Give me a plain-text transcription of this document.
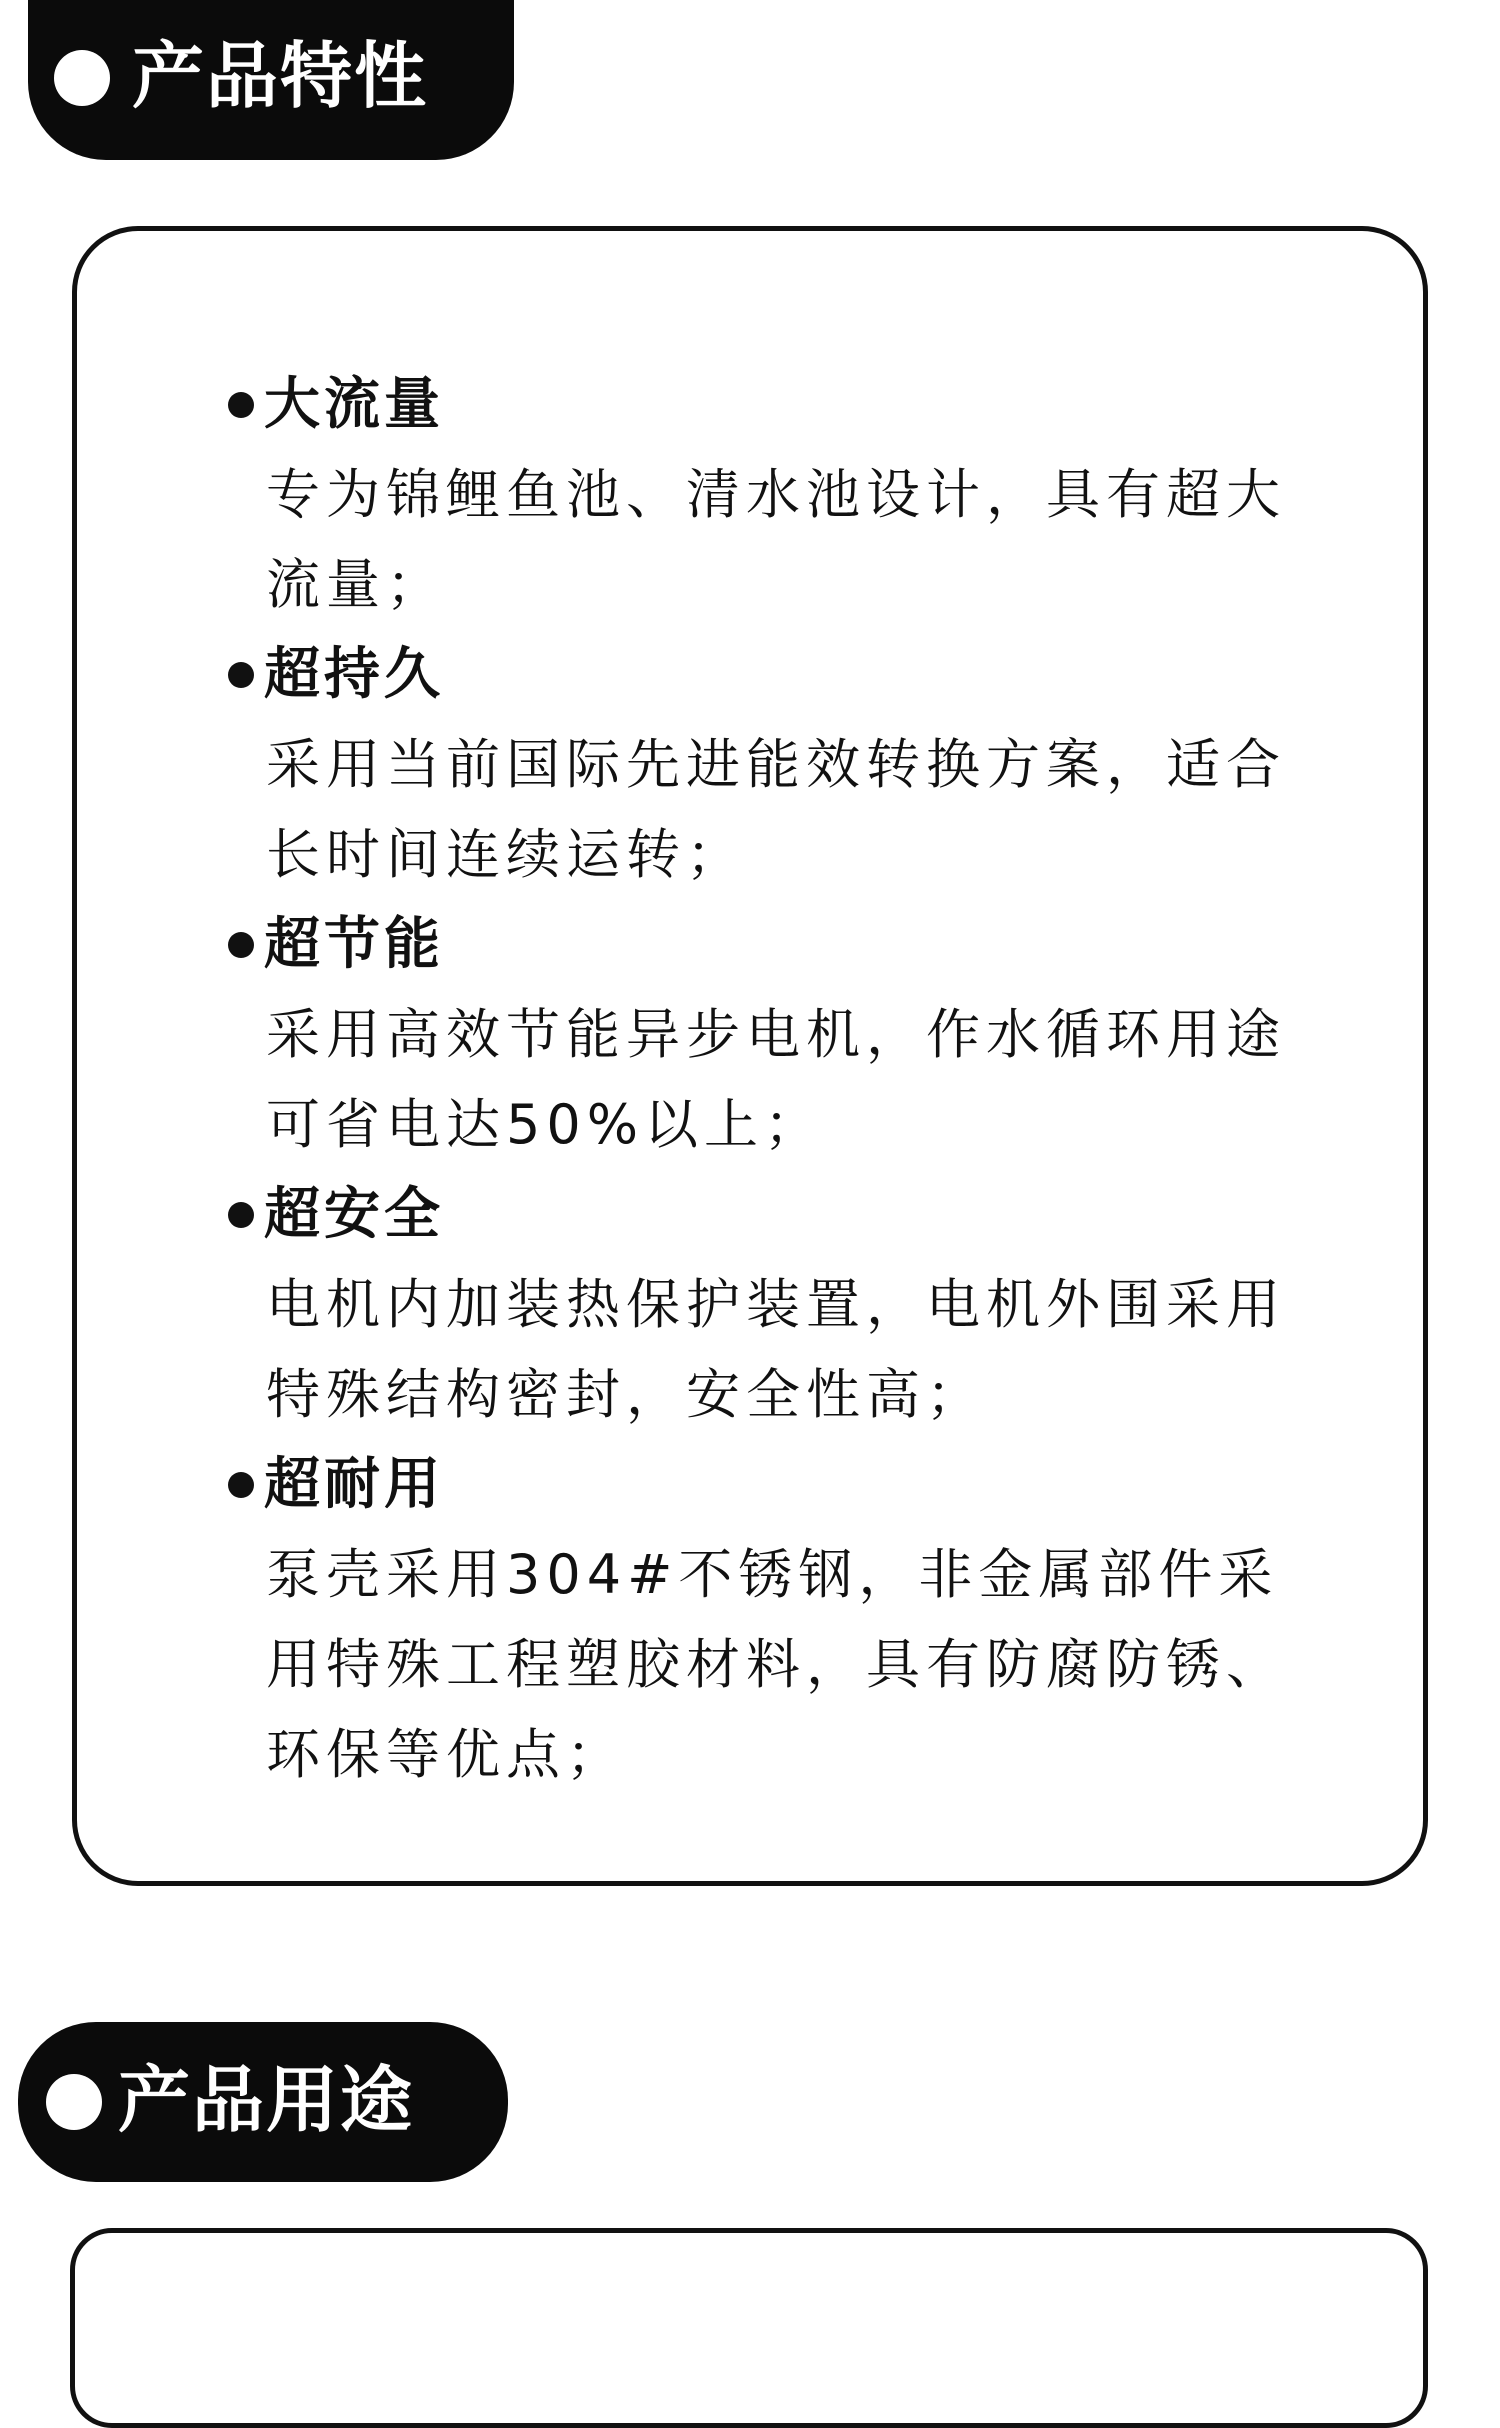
产品特性
大流量
专为锦鲤鱼池、清水池设计，具有超大流量；
超持久
采用当前国际先进能效转换方案，适合长时间连续运转；
超节能
采用高效节能异步电机，作水循环用途可省电达50%以上；
超安全
电机内加装热保护装置，电机外围采用特殊结构密封，安全性高；
超耐用
泵壳采用304#不锈钢，非金属部件采用特殊工程塑胶材料，具有防腐防锈、环保等优点；
产品用途
